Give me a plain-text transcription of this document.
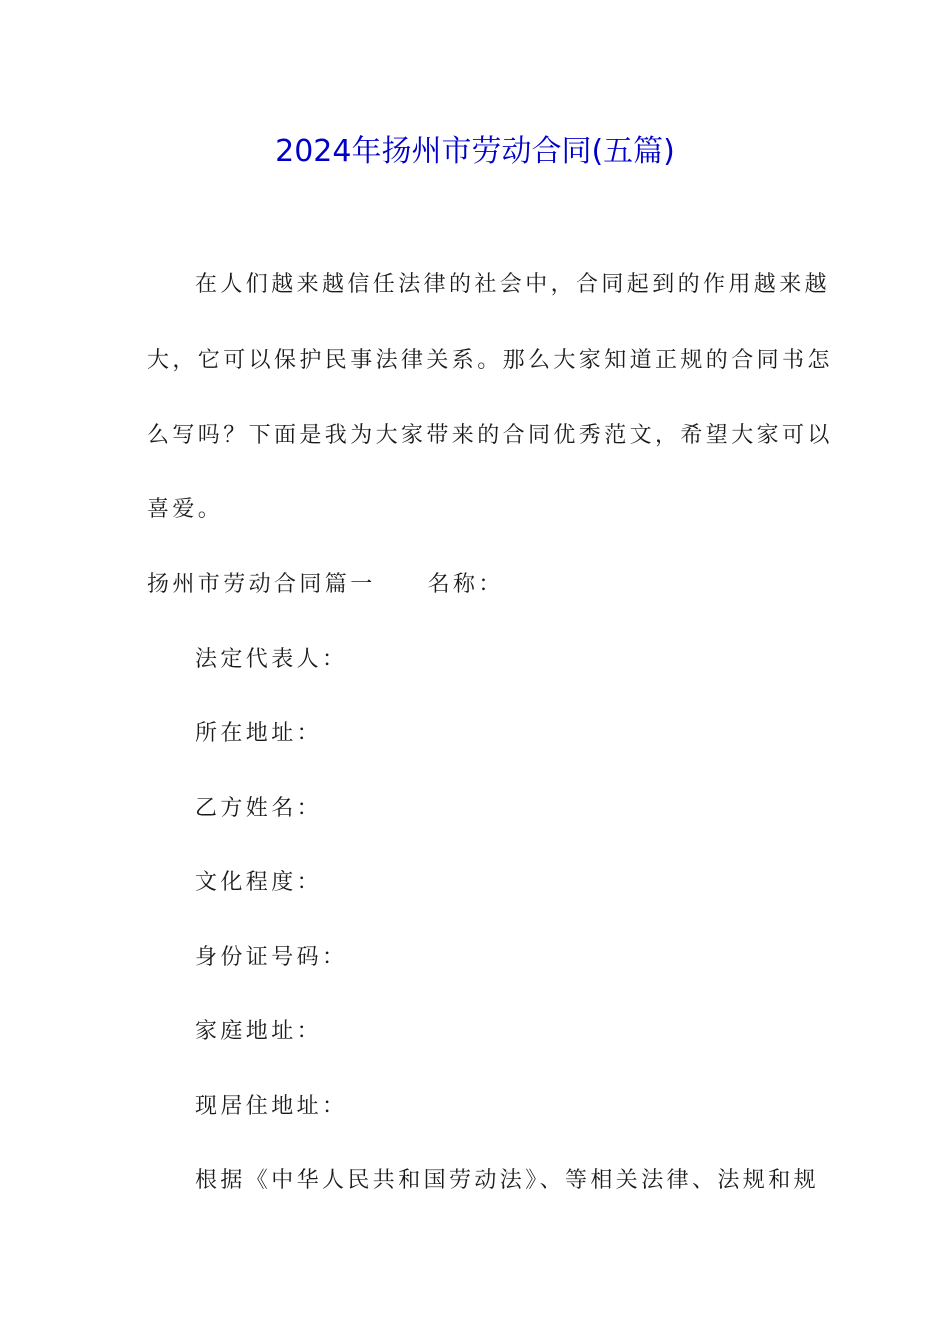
2024年扬州市劳动合同(五篇)
在人们越来越信任法律的社会中，合同起到的作用越来越
大，它可以保护民事法律关系。那么大家知道正规的合同书怎
么写吗？下面是我为大家带来的合同优秀范文，希望大家可以
喜爱。
扬州市劳动合同篇一 名称：
法定代表人：
所在地址：
乙方姓名：
文化程度：
身份证号码：
家庭地址：
现居住地址：
根据《中华人民共和国劳动法》、等相关法律、法规和规
